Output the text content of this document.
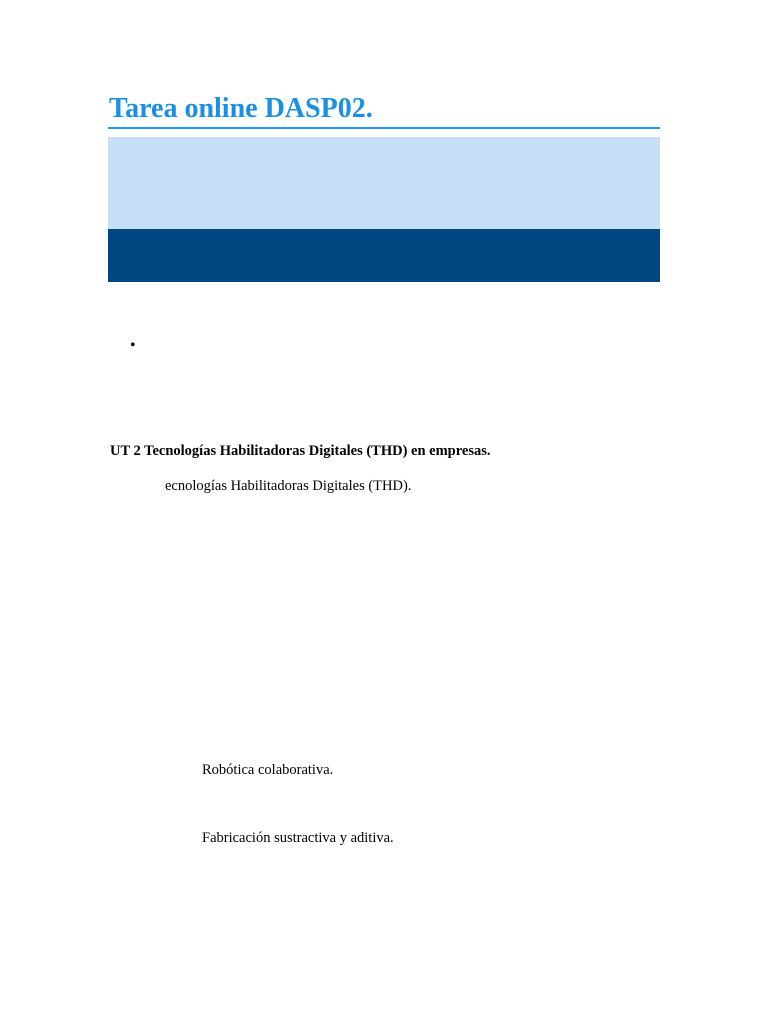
Tarea online DASP02.
•
UT 2 Tecnologías Habilitadoras Digitales (THD) en empresas.
ecnologías Habilitadoras Digitales (THD).
Robótica colaborativa.
Fabricación sustractiva y aditiva.
